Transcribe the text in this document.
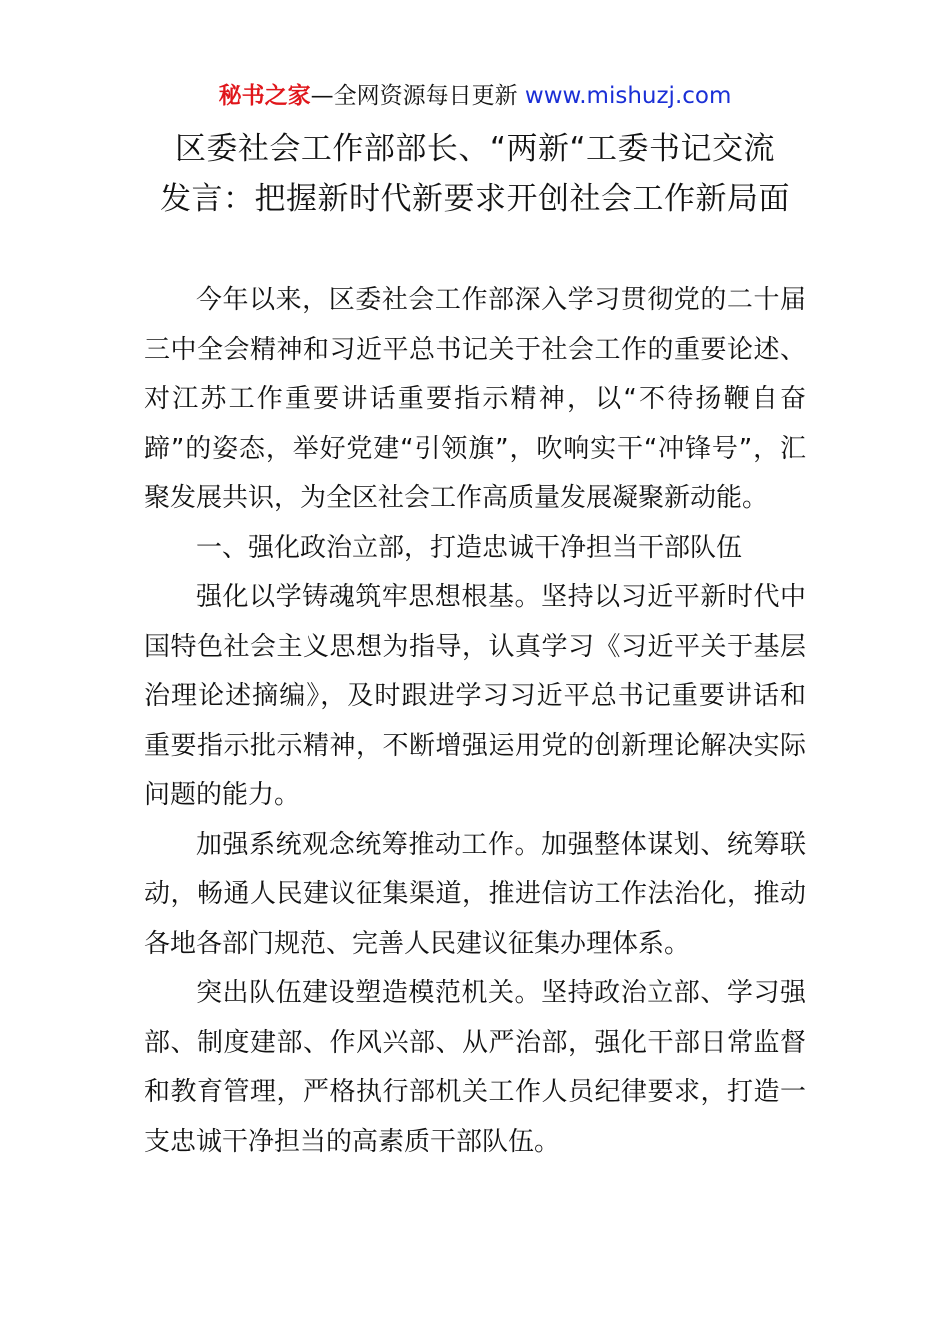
秘书之家—全网资源每日更新 www.mishuzj.com
区委社会工作部部长、“两新“工委书记交流
发言：把握新时代新要求开创社会工作新局面

今年以来，区委社会工作部深入学习贯彻党的二十届三中全会精神和习近平总书记关于社会工作的重要论述、对江苏工作重要讲话重要指示精神，以“不待扬鞭自奋蹄”的姿态，举好党建“引领旗”，吹响实干“冲锋号”，汇聚发展共识，为全区社会工作高质量发展凝聚新动能。

一、强化政治立部，打造忠诚干净担当干部队伍

强化以学铸魂筑牢思想根基。坚持以习近平新时代中国特色社会主义思想为指导，认真学习《习近平关于基层治理论述摘编》，及时跟进学习习近平总书记重要讲话和重要指示批示精神，不断增强运用党的创新理论解决实际问题的能力。

加强系统观念统筹推动工作。加强整体谋划、统筹联动，畅通人民建议征集渠道，推进信访工作法治化，推动各地各部门规范、完善人民建议征集办理体系。

突出队伍建设塑造模范机关。坚持政治立部、学习强部、制度建部、作风兴部、从严治部，强化干部日常监督和教育管理，严格执行部机关工作人员纪律要求，打造一支忠诚干净担当的高素质干部队伍。
